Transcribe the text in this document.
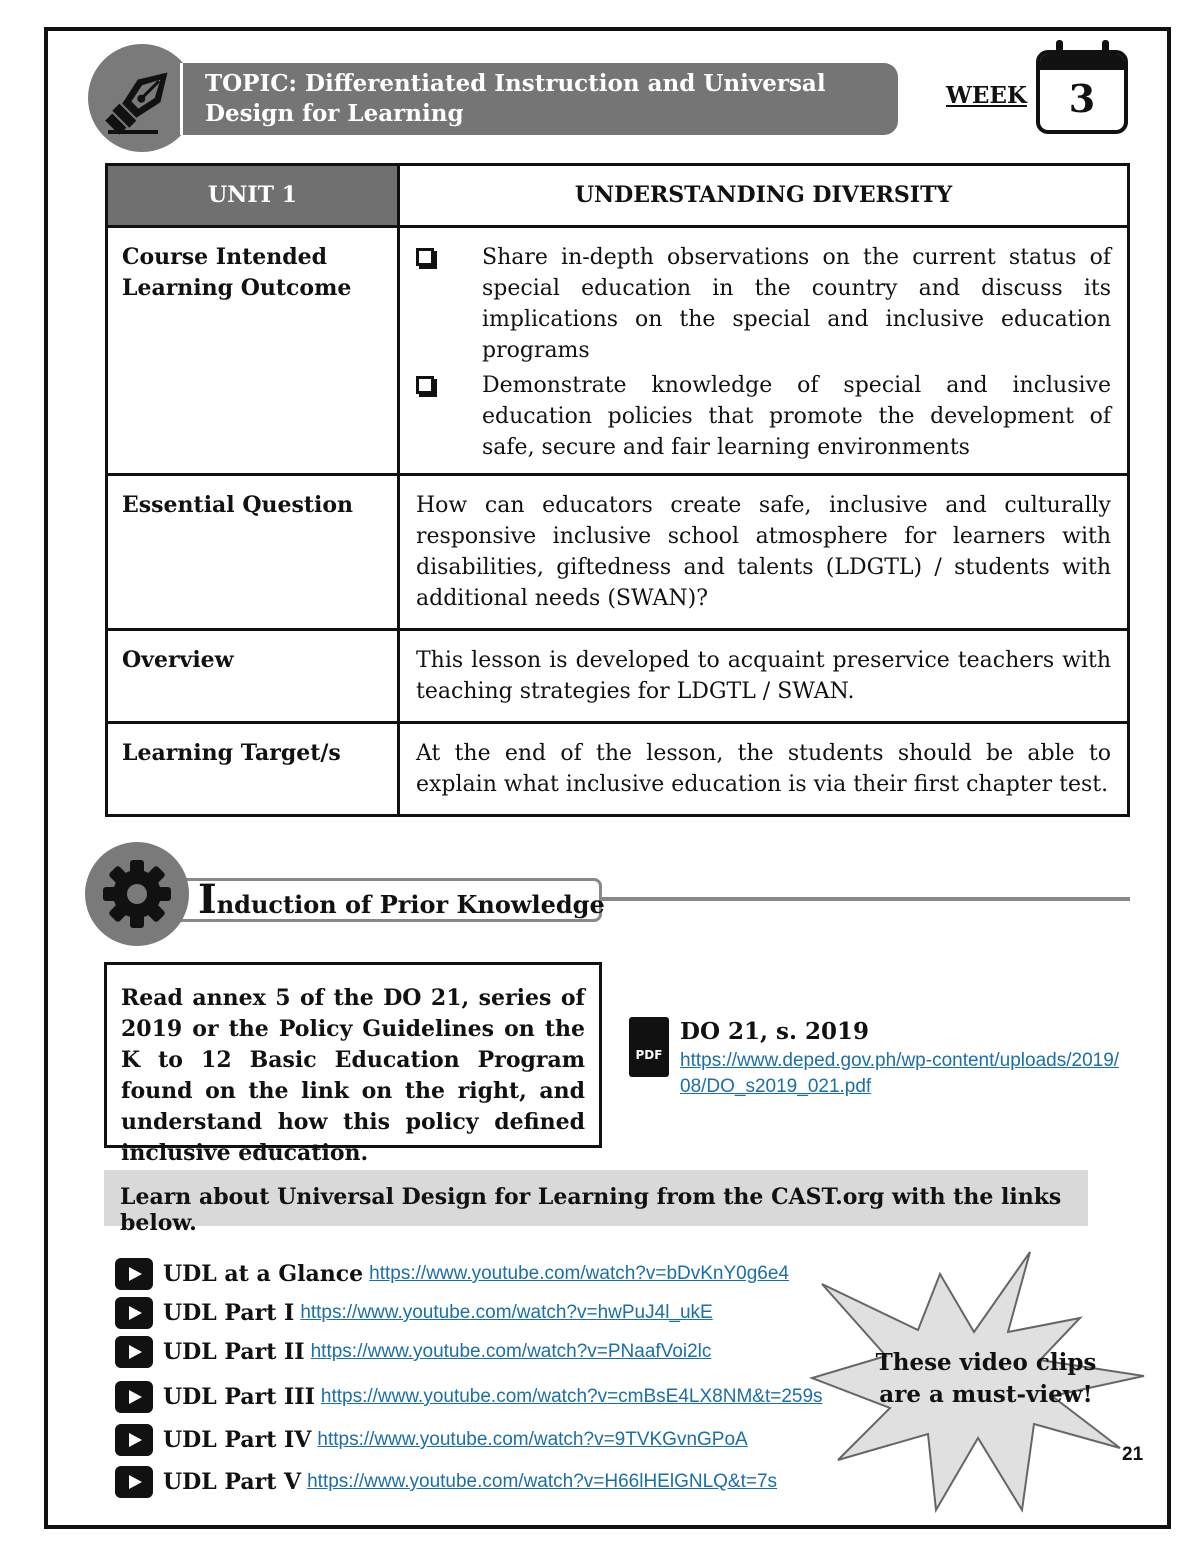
TOPIC: Differentiated Instruction and Universal Design for Learning
WEEK	3
UNIT 1	UNDERSTANDING DIVERSITY
Course Intended Learning Outcome	Share in-depth observations on the current status of special education in the country and discuss its implications on the special and inclusive education programs
Demonstrate knowledge of special and inclusive education policies that promote the development of safe, secure and fair learning environments

Essential Question	How can educators create safe, inclusive and culturally responsive inclusive school atmosphere for learners with disabilities, giftedness and talents (LDGTL) / students with additional needs (SWAN)?
Overview	This lesson is developed to acquaint preservice teachers with teaching strategies for LDGTL / SWAN.
Learning Target/s	At the end of the lesson, the students should be able to explain what inclusive education is via their first chapter test.
Induction of Prior Knowledge
Read annex 5 of the DO 21, series of 2019 or the Policy Guidelines on the K to 12 Basic Education Program found on the link on the right, and understand how this policy defined inclusive education.
PDF
DO 21, s. 2019
https://www.deped.gov.ph/wp-content/uploads/2019/08/DO_s2019_021.pdf
Learn about Universal Design for Learning from the CAST.org with the links below.
UDL at a Glance https://www.youtube.com/watch?v=bDvKnY0g6e4
UDL Part I https://www.youtube.com/watch?v=hwPuJ4l_ukE
UDL Part II https://www.youtube.com/watch?v=PNaafVoi2lc
UDL Part III https://www.youtube.com/watch?v=cmBsE4LX8NM&t=259s
UDL Part IV https://www.youtube.com/watch?v=9TVKGvnGPoA
UDL Part V https://www.youtube.com/watch?v=H66lHElGNLQ&t=7s
These video clips are a must-view!
21
